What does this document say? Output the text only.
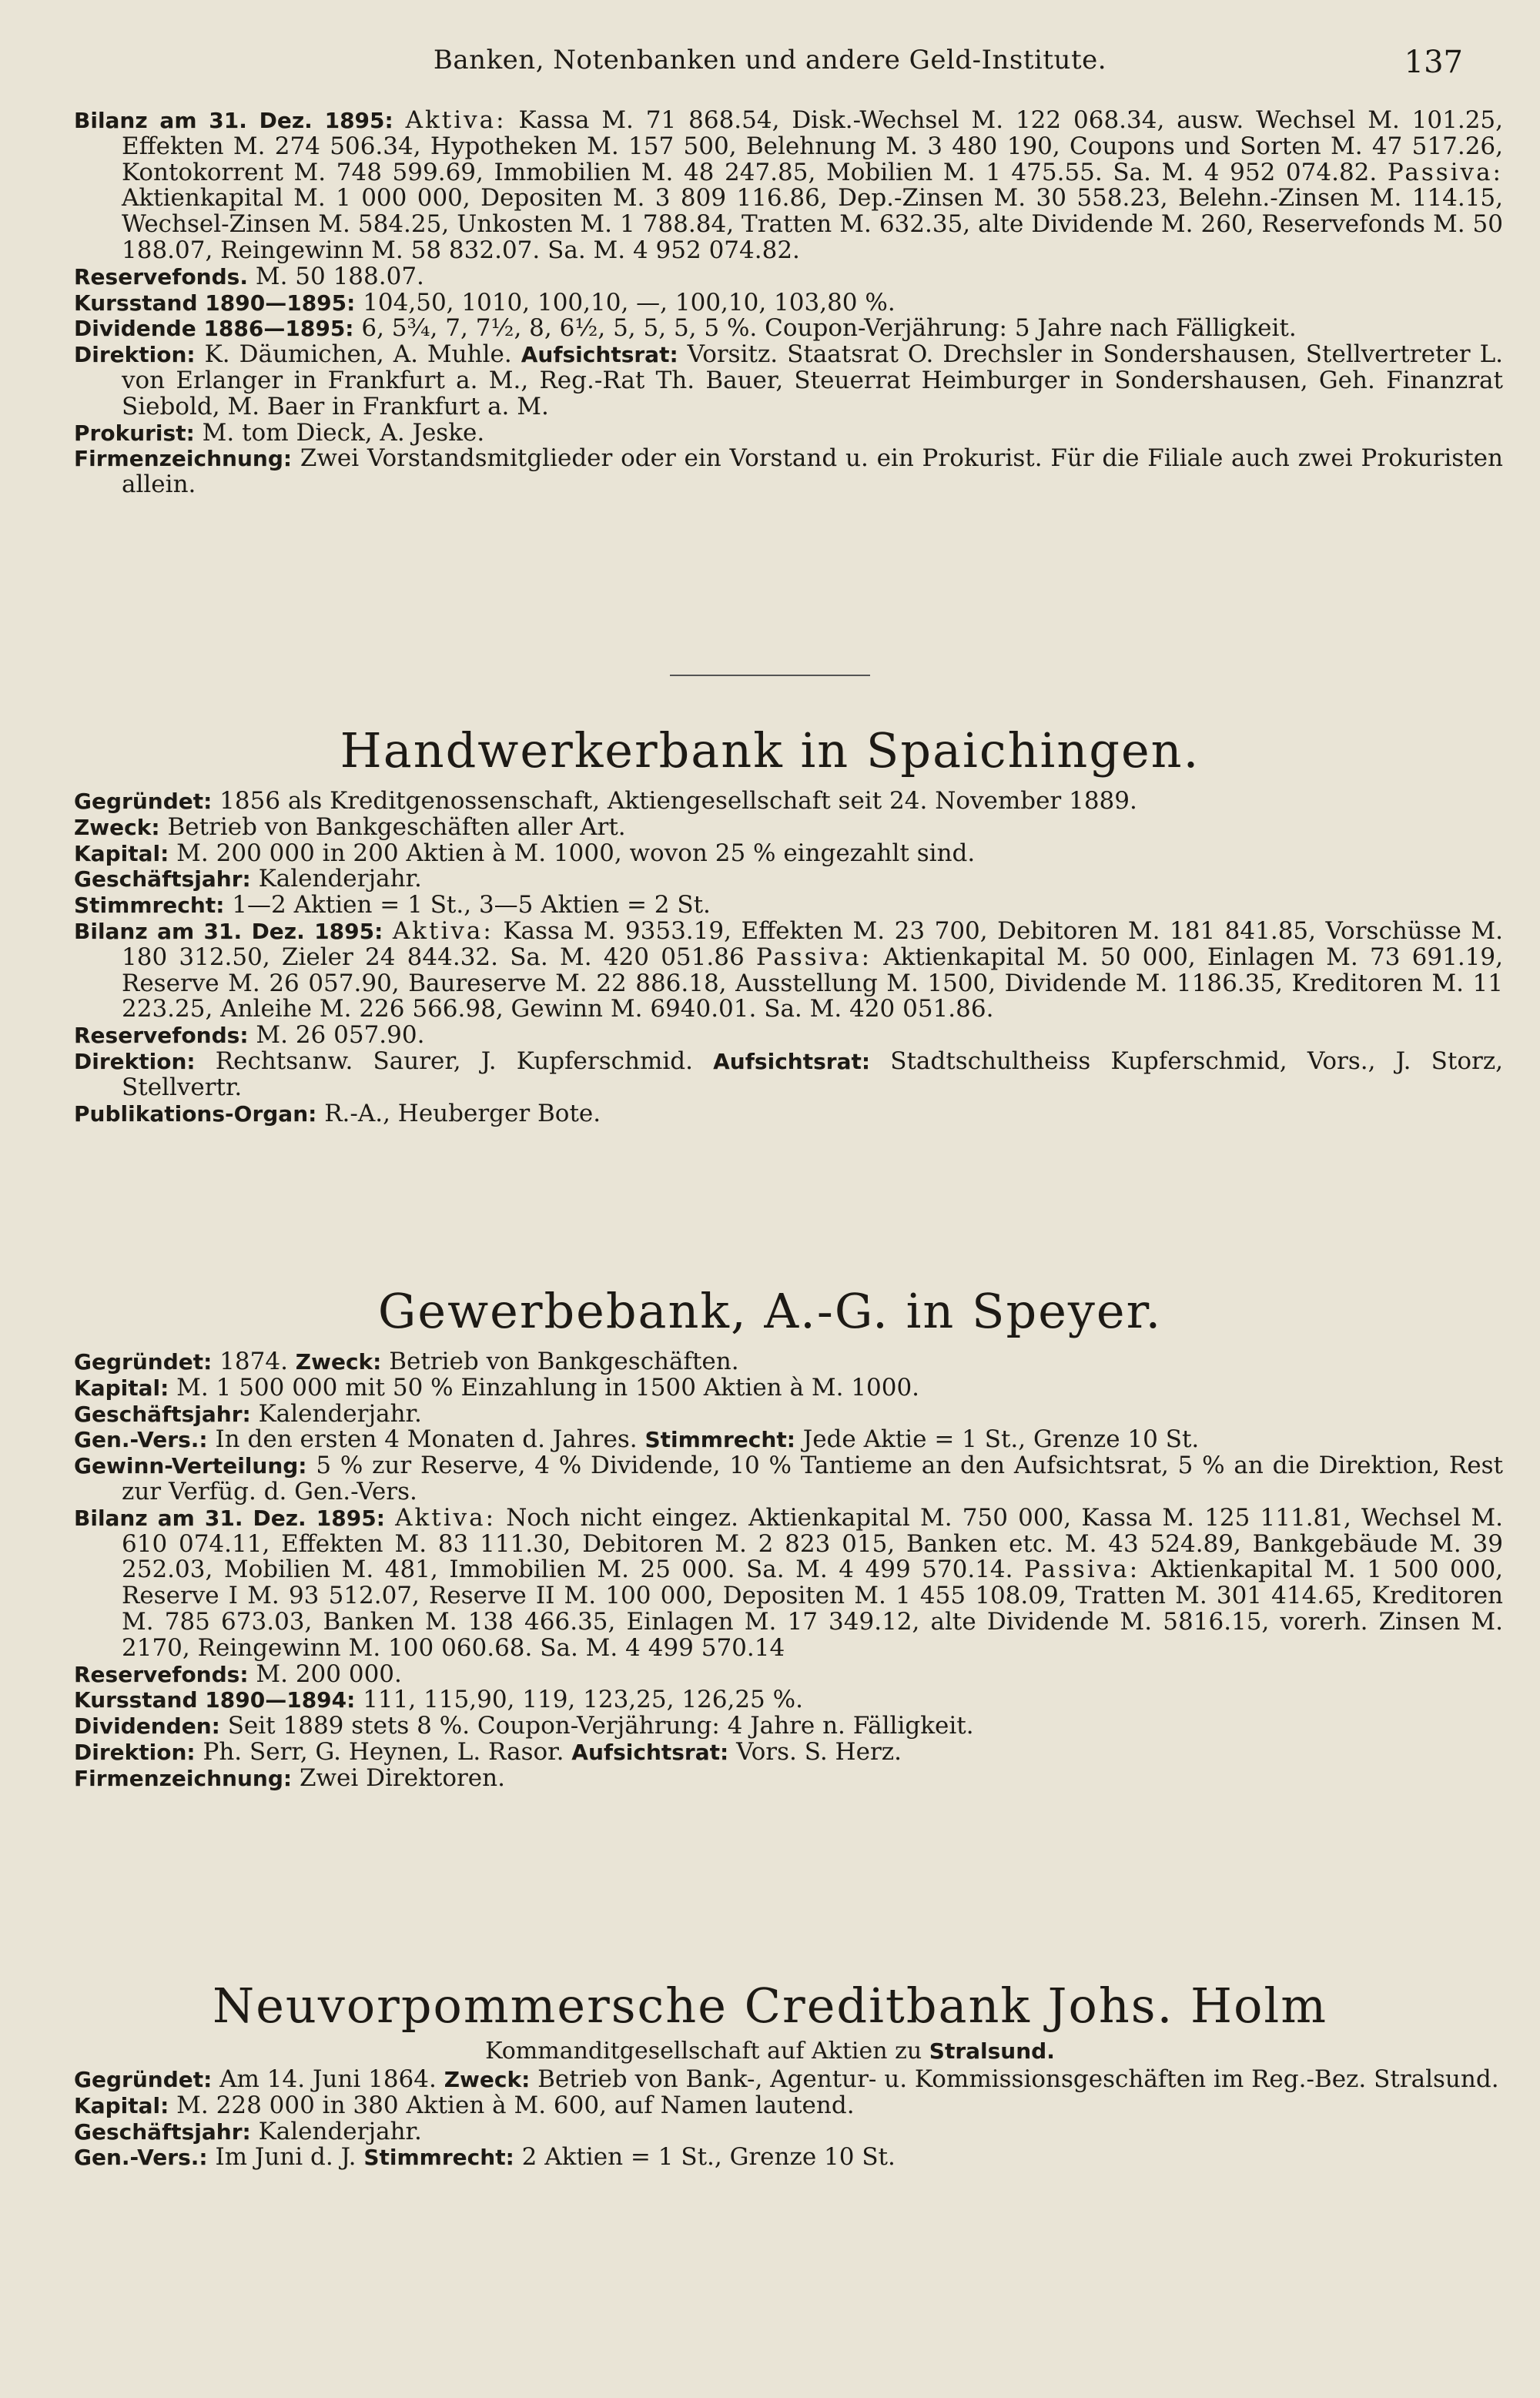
Banken, Notenbanken und andere Geld-Institute.	137

Bilanz am 31. Dez. 1895: Aktiva: Kassa M. 71 868.54, Disk.-Wechsel M. 122 068.34, ausw. Wechsel M. 101.25, Effekten M. 274 506.34, Hypotheken M. 157 500, Belehnung M. 3 480 190, Coupons und Sorten M. 47 517.26, Kontokorrent M. 748 599.69, Immobilien M. 48 247.85, Mobilien M. 1 475.55. Sa. M. 4 952 074.82. Passiva: Aktienkapital M. 1 000 000, Depositen M. 3 809 116.86, Dep.-Zinsen M. 30 558.23, Belehn.-Zinsen M. 114.15, Wechsel-Zinsen M. 584.25, Unkosten M. 1 788.84, Tratten M. 632.35, alte Dividende M. 260, Reservefonds M. 50 188.07, Reingewinn M. 58 832.07. Sa. M. 4 952 074.82.

Reservefonds. M. 50 188.07.

Kursstand 1890—1895: 104,50, 1010, 100,10, —, 100,10, 103,80 %.

Dividende 1886—1895: 6, 5¾, 7, 7½, 8, 6½, 5, 5, 5, 5 %. Coupon-Verjährung: 5 Jahre nach Fälligkeit.

Direktion: K. Däumichen, A. Muhle. Aufsichtsrat: Vorsitz. Staatsrat O. Drechsler in Sondershausen, Stellvertreter L. von Erlanger in Frankfurt a. M., Reg.-Rat Th. Bauer, Steuerrat Heimburger in Sondershausen, Geh. Finanzrat Siebold, M. Baer in Frankfurt a. M.

Prokurist: M. tom Dieck, A. Jeske.

Firmenzeichnung: Zwei Vorstandsmitglieder oder ein Vorstand u. ein Prokurist. Für die Filiale auch zwei Prokuristen allein.

Handwerkerbank in Spaichingen.

Gegründet: 1856 als Kreditgenossenschaft, Aktiengesellschaft seit 24. November 1889.

Zweck: Betrieb von Bankgeschäften aller Art.

Kapital: M. 200 000 in 200 Aktien à M. 1000, wovon 25 % eingezahlt sind.

Geschäftsjahr: Kalenderjahr.

Stimmrecht: 1—2 Aktien = 1 St., 3—5 Aktien = 2 St.

Bilanz am 31. Dez. 1895: Aktiva: Kassa M. 9353.19, Effekten M. 23 700, Debitoren M. 181 841.85, Vorschüsse M. 180 312.50, Zieler 24 844.32. Sa. M. 420 051.86 Passiva: Aktienkapital M. 50 000, Einlagen M. 73 691.19, Reserve M. 26 057.90, Baureserve M. 22 886.18, Ausstellung M. 1500, Dividende M. 1186.35, Kreditoren M. 11 223.25, Anleihe M. 226 566.98, Gewinn M. 6940.01. Sa. M. 420 051.86.

Reservefonds: M. 26 057.90.

Direktion: Rechtsanw. Saurer, J. Kupferschmid. Aufsichtsrat: Stadtschultheiss Kupferschmid, Vors., J. Storz, Stellvertr.

Publikations-Organ: R.-A., Heuberger Bote.

Gewerbebank, A.-G. in Speyer.

Gegründet: 1874. Zweck: Betrieb von Bankgeschäften.

Kapital: M. 1 500 000 mit 50 % Einzahlung in 1500 Aktien à M. 1000.

Geschäftsjahr: Kalenderjahr.

Gen.-Vers.: In den ersten 4 Monaten d. Jahres. Stimmrecht: Jede Aktie = 1 St., Grenze 10 St.

Gewinn-Verteilung: 5 % zur Reserve, 4 % Dividende, 10 % Tantieme an den Aufsichtsrat, 5 % an die Direktion, Rest zur Verfüg. d. Gen.-Vers.

Bilanz am 31. Dez. 1895: Aktiva: Noch nicht eingez. Aktienkapital M. 750 000, Kassa M. 125 111.81, Wechsel M. 610 074.11, Effekten M. 83 111.30, Debitoren M. 2 823 015, Banken etc. M. 43 524.89, Bankgebäude M. 39 252.03, Mobilien M. 481, Immobilien M. 25 000. Sa. M. 4 499 570.14. Passiva: Aktienkapital M. 1 500 000, Reserve I M. 93 512.07, Reserve II M. 100 000, Depositen M. 1 455 108.09, Tratten M. 301 414.65, Kreditoren M. 785 673.03, Banken M. 138 466.35, Einlagen M. 17 349.12, alte Dividende M. 5816.15, vorerh. Zinsen M. 2170, Reingewinn M. 100 060.68. Sa. M. 4 499 570.14

Reservefonds: M. 200 000.

Kursstand 1890—1894: 111, 115,90, 119, 123,25, 126,25 %.

Dividenden: Seit 1889 stets 8 %. Coupon-Verjährung: 4 Jahre n. Fälligkeit.

Direktion: Ph. Serr, G. Heynen, L. Rasor. Aufsichtsrat: Vors. S. Herz.

Firmenzeichnung: Zwei Direktoren.

Neuvorpommersche Creditbank Johs. Holm
Kommanditgesellschaft auf Aktien zu Stralsund.

Gegründet: Am 14. Juni 1864. Zweck: Betrieb von Bank-, Agentur- u. Kommissionsgeschäften im Reg.-Bez. Stralsund.

Kapital: M. 228 000 in 380 Aktien à M. 600, auf Namen lautend.

Geschäftsjahr: Kalenderjahr.

Gen.-Vers.: Im Juni d. J. Stimmrecht: 2 Aktien = 1 St., Grenze 10 St.
